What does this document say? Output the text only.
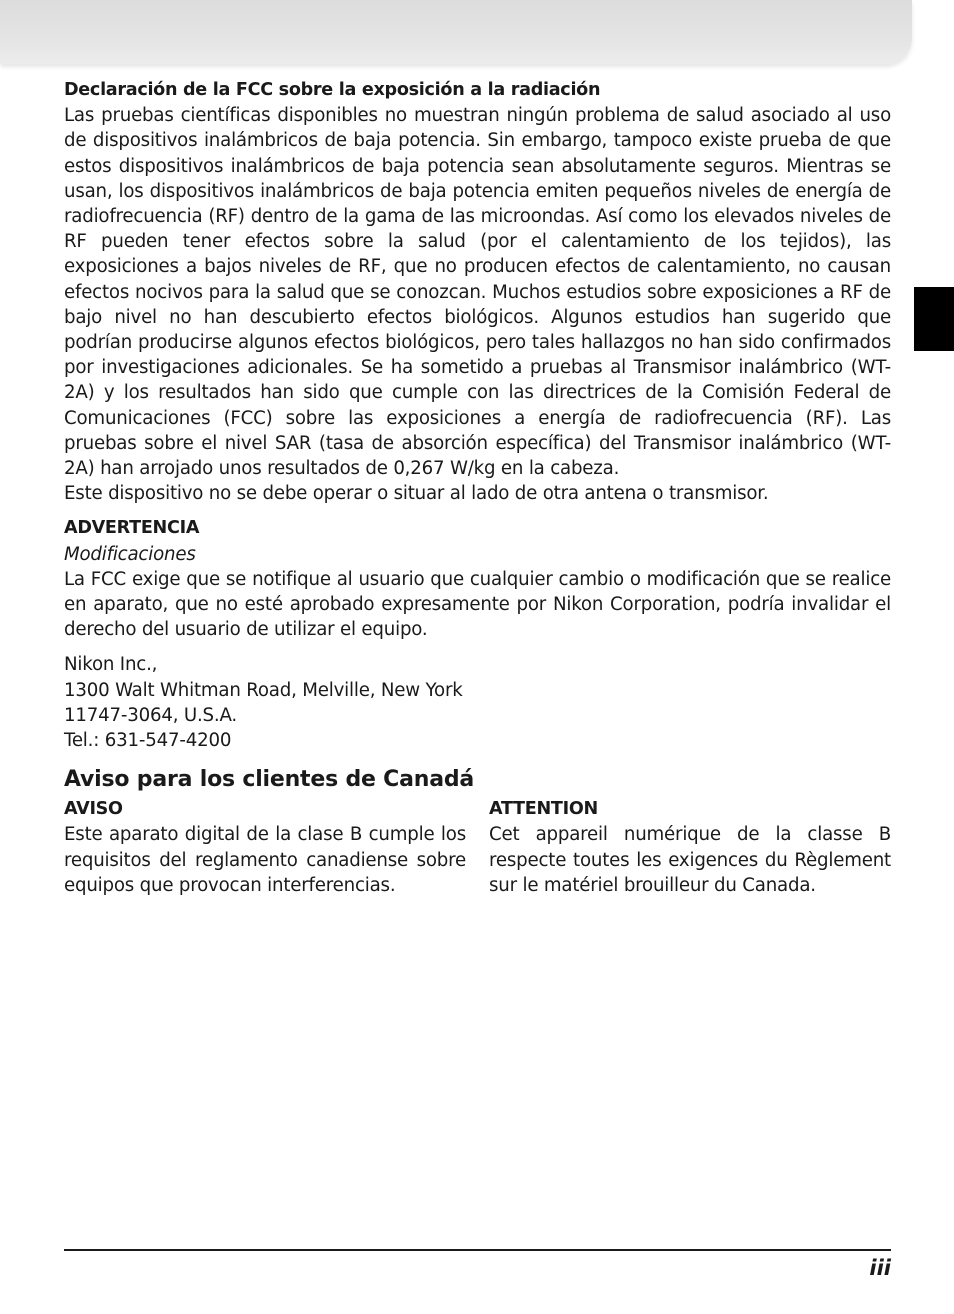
Declaración de la FCC sobre la exposición a la radiación

Las pruebas científicas disponibles no muestran ningún problema de salud asociado al uso de dispositivos inalámbricos de baja potencia. Sin embargo, tampoco existe prueba de que estos dispositivos inalámbricos de baja potencia sean absolutamente seguros. Mientras se usan, los dispositivos inalámbricos de baja potencia emiten pequeños niveles de energía de radiofrecuencia (RF) dentro de la gama de las microondas. Así como los elevados niveles de RF pueden tener efectos sobre la salud (por el calentamiento de los tejidos), las exposiciones a bajos niveles de RF, que no producen efectos de calentamiento, no causan efectos nocivos para la salud que se conozcan. Muchos estudios sobre exposiciones a RF de bajo nivel no han descubierto efectos biológicos. Algunos estudios han sugerido que podrían producirse algunos efectos biológicos, pero tales hallazgos no han sido confirmados por investigaciones adicionales. Se ha sometido a pruebas al Transmisor inalámbrico (WT-2A) y los resultados han sido que cumple con las directrices de la Comisión Federal de Comunicaciones (FCC) sobre las exposiciones a energía de radiofrecuencia (RF). Las pruebas sobre el nivel SAR (tasa de absorción específica) del Transmisor inalámbrico (WT-2A) han arrojado unos resultados de 0,267 W/kg en la cabeza.

Este dispositivo no se debe operar o situar al lado de otra antena o transmisor.

ADVERTENCIA

Modificaciones

La FCC exige que se notifique al usuario que cualquier cambio o modificación que se realice en aparato, que no esté aprobado expresamente por Nikon Corporation, podría invalidar el derecho del usuario de utilizar el equipo.

Nikon Inc.,

1300 Walt Whitman Road, Melville, New York

11747-3064, U.S.A.

Tel.: 631-547-4200

Aviso para los clientes de Canadá

AVISO

Este aparato digital de la clase B cumple los requisitos del reglamento canadiense sobre equipos que provocan interferencias.

ATTENTION

Cet appareil numérique de la classe B respecte toutes les exigences du Règlement sur le matériel brouilleur du Canada.

iii
